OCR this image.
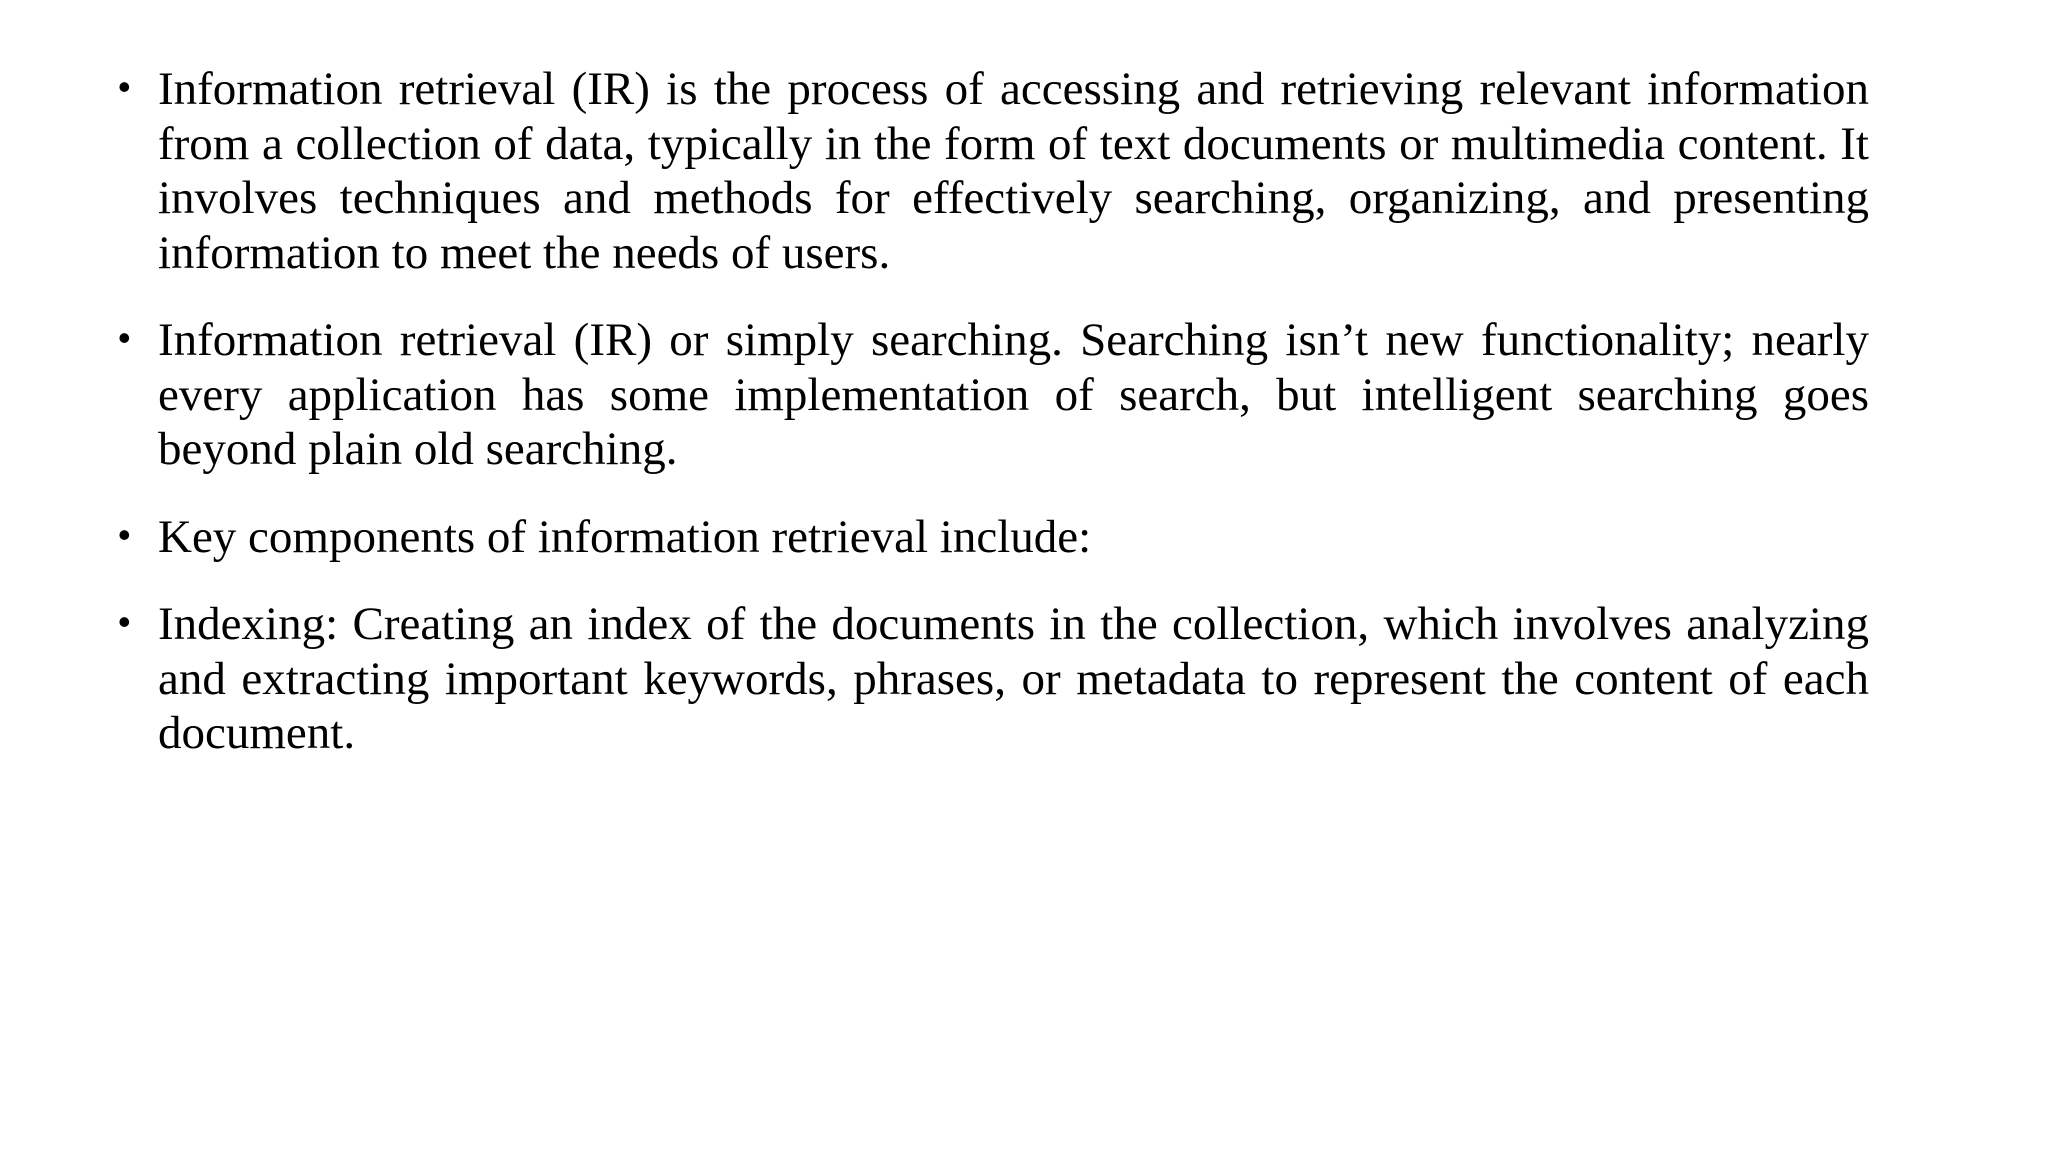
• Information retrieval (IR) is the process of accessing and retrieving relevant information from a collection of data, typically in the form of text documents or multimedia content. It involves techniques and methods for effectively searching, organizing, and presenting information to meet the needs of users.
• Information retrieval (IR) or simply searching. Searching isn’t new functionality; nearly every application has some implementation of search, but intelligent searching goes beyond plain old searching.
• Key components of information retrieval include:
• Indexing: Creating an index of the documents in the collection, which involves analyzing and extracting important keywords, phrases, or metadata to represent the content of each document.
